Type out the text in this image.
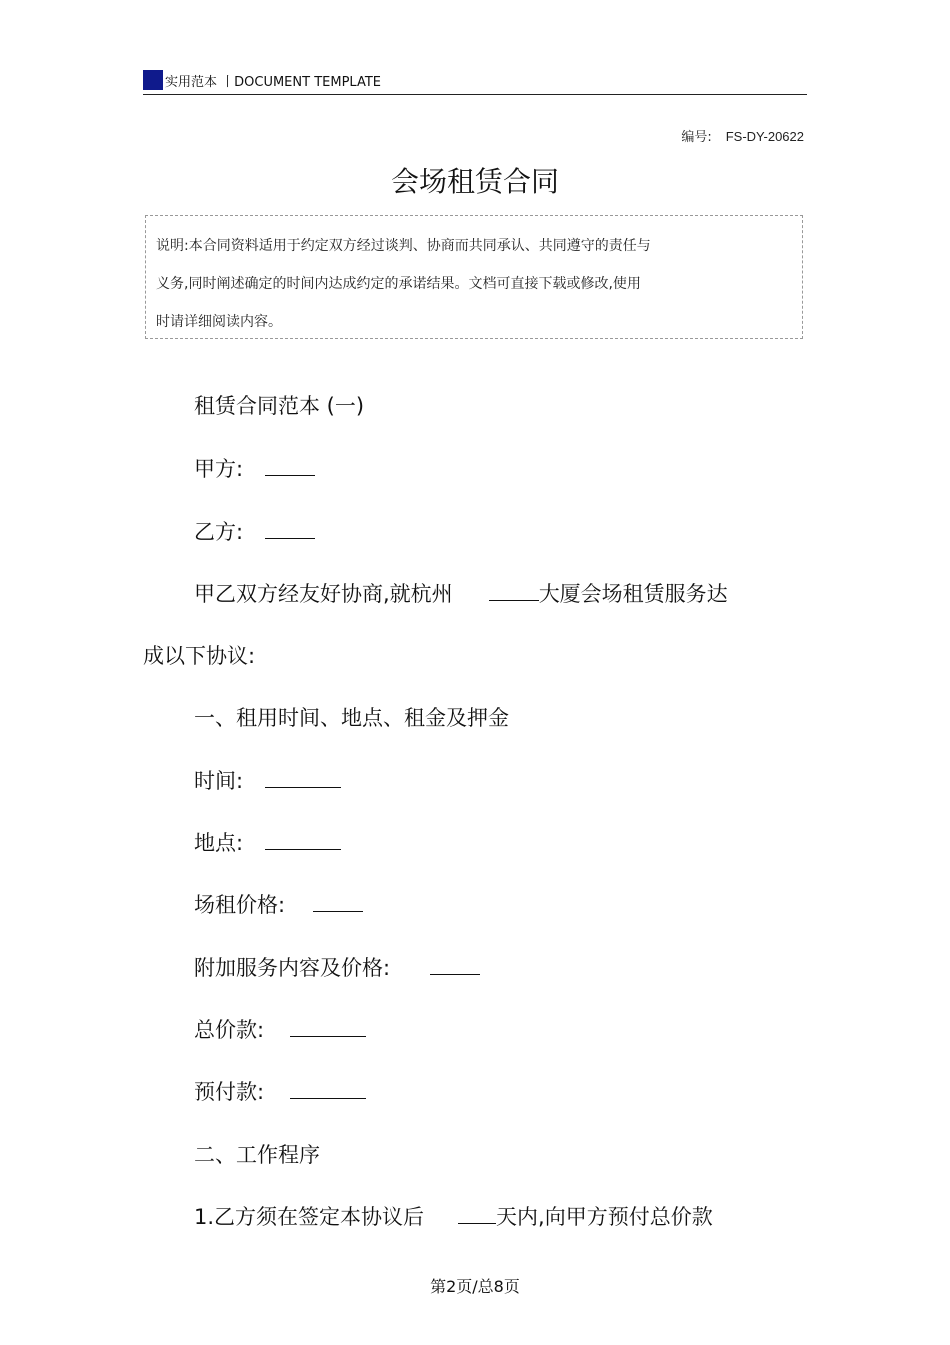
实用范本 丨DOCUMENT TEMPLATE
编号: FS-DY-20622
会场租赁合同

说明:本合同资料适用于约定双方经过谈判、协商而共同承认、共同遵守的责任与

义务,同时阐述确定的时间内达成约定的承诺结果。文档可直接下载或修改,使用

时请详细阅读内容。

租赁合同范本 (一)
甲方:
乙方:
甲乙双方经友好协商,就杭州	大厦会场租赁服务达
成以下协议:
一、租用时间、地点、租金及押金
时间:
地点:
场租价格:
附加服务内容及价格:
总价款:
预付款:
二、工作程序
1.乙方须在签定本协议后	天内,向甲方预付总价款
第2页/总8页
